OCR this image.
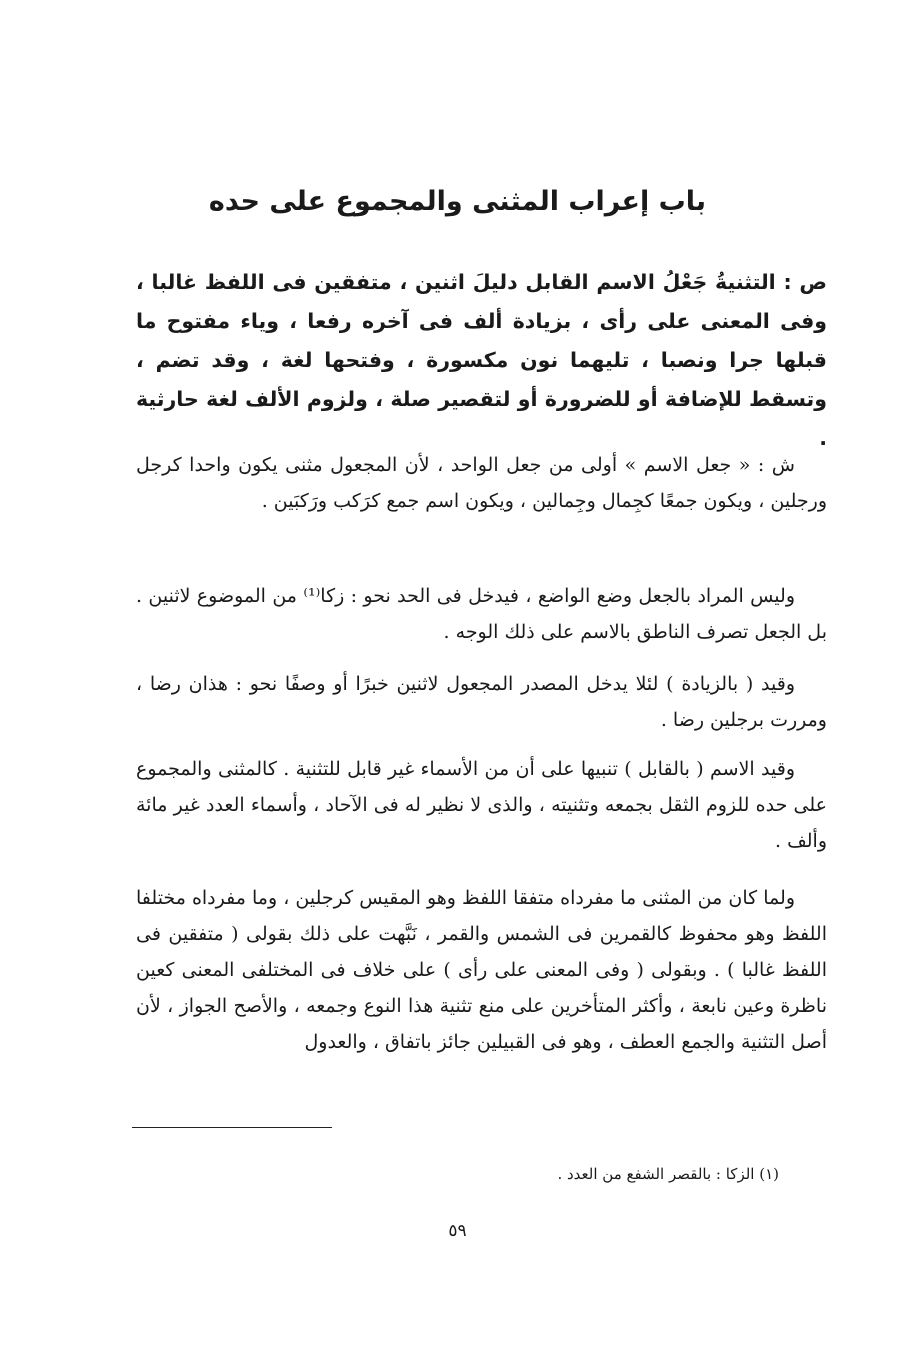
باب إعراب المثنى والمجموع على حده
ص : التثنيةُ جَعْلُ الاسم القابل دليلَ اثنين ، متفقين فى اللفظ غالبا ، وفى المعنى على رأى ، بزيادة ألف فى آخره رفعا ، وياء مفتوح ما قبلها جرا ونصبا ، تليهما نون مكسورة ، وفتحها لغة ، وقد تضم ، وتسقط للإضافة أو للضرورة أو لتقصير صلة ، ولزوم الألف لغة حارثية .
ش : « جعل الاسم » أولى من جعل الواحد ، لأن المجعول مثنى يكون واحدا كرجل ورجلين ، ويكون جمعًا كجِمال وجِمالين ، ويكون اسم جمع كرَكب ورَكبَين .
وليس المراد بالجعل وضع الواضع ، فيدخل فى الحد نحو : زكا⁽¹⁾ من الموضوع لاثنين . بل الجعل تصرف الناطق بالاسم على ذلك الوجه .
وقيد ( بالزيادة ) لئلا يدخل المصدر المجعول لاثنين خبرًا أو وصفًا نحو : هذان رضا ، ومررت برجلين رضا .
وقيد الاسم ( بالقابل ) تنبيها على أن من الأسماء غير قابل للتثنية . كالمثنى والمجموع على حده للزوم الثقل بجمعه وتثنيته ، والذى لا نظير له فى الآحاد ، وأسماء العدد غير مائة وألف .
ولما كان من المثنى ما مفرداه متفقا اللفظ وهو المقيس كرجلين ، وما مفرداه مختلفا اللفظ وهو محفوظ كالقمرين فى الشمس والقمر ، نَبَّهت على ذلك بقولى ( متفقين فى اللفظ غالبا ) . وبقولى ( وفى المعنى على رأى ) على خلاف فى المختلفى المعنى كعين ناظرة وعين نابعة ، وأكثر المتأخرين على منع تثنية هذا النوع وجمعه ، والأصح الجواز ، لأن أصل التثنية والجمع العطف ، وهو فى القبيلين جائز باتفاق ، والعدول
(١) الزكا : بالقصر الشفع من العدد .
٥٩
